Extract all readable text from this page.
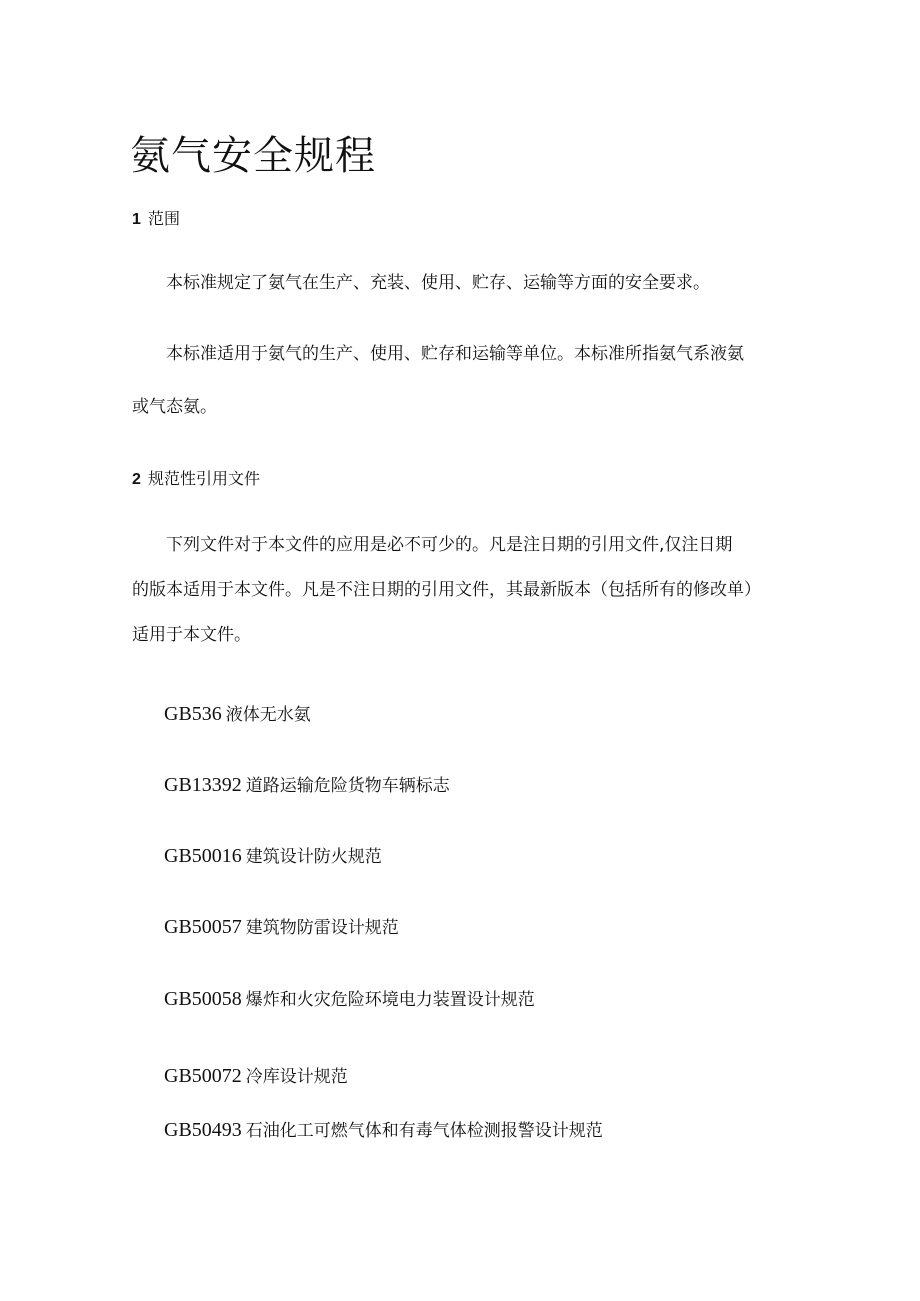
氨气安全规程
1 范围

本标准规定了氨气在生产、充装、使用、贮存、运输等方面的安全要求。

本标准适用于氨气的生产、使用、贮存和运输等单位。本标准所指氨气系液氨
或气态氨。

2 规范性引用文件

下列文件对于本文件的应用是必不可少的。凡是注日期的引用文件,仅注日期
的版本适用于本文件。凡是不注日期的引用文件，其最新版本（包括所有的修改单）
适用于本文件。

GB536 液体无水氨
GB13392 道路运输危险货物车辆标志
GB50016 建筑设计防火规范
GB50057 建筑物防雷设计规范
GB50058 爆炸和火灾危险环境电力装置设计规范
GB50072 冷库设计规范
GB50493 石油化工可燃气体和有毒气体检测报警设计规范
